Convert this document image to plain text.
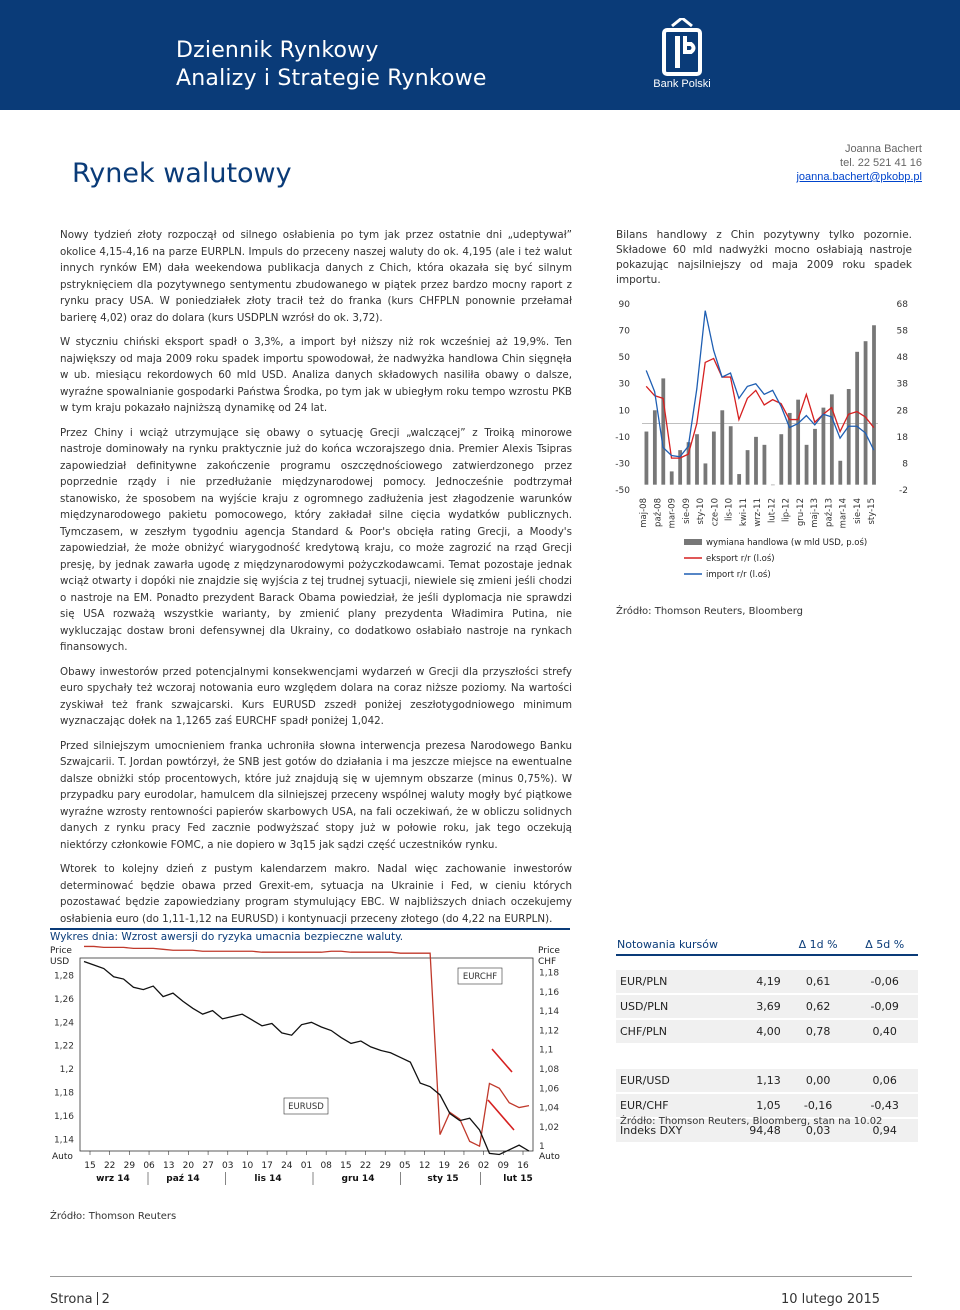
Dziennik Rynkowy
Analizy i Strategie Rynkowe	Bank Polski
Rynek walutowy
Joanna Bachert
tel. 22 521 41 16
joanna.bachert@pkobp.pl

Nowy tydzień złoty rozpoczął od silnego osłabienia po tym jak przez ostatnie dni „udeptywał” okolice 4,15-4,16 na parze EURPLN. Impuls do przeceny naszej waluty do ok. 4,195 (ale i też walut innych rynków EM) dała weekendowa publikacja danych z Chich, która okazała się być silnym pstryknięciem dla pozytywnego sentymentu zbudowanego w piątek przez bardzo mocny raport z rynku pracy USA. W poniedziałek złoty tracił też do franka (kurs CHFPLN ponownie przełamał barierę 4,02) oraz do dolara (kurs USDPLN wzrósł do ok. 3,72).

W styczniu chiński eksport spadł o 3,3%, a import był niższy niż rok wcześniej aż 19,9%. Ten największy od maja 2009 roku spadek importu spowodował, że nadwyżka handlowa Chin sięgnęła w ub. miesiącu rekordowych 60 mld USD. Analiza danych składowych nasiliła obawy o dalsze, wyraźne spowalnianie gospodarki Państwa Środka, po tym jak w ubiegłym roku tempo wzrostu PKB w tym kraju pokazało najniższą dynamikę od 24 lat.

Przez Chiny i wciąż utrzymujące się obawy o sytuację Grecji „walczącej” z Troiką minorowe nastroje dominowały na rynku praktycznie już do końca wczorajszego dnia. Premier Alexis Tsipras zapowiedział definitywne zakończenie programu oszczędnościowego zatwierdzonego przez poprzednie rządy i nie przedłużanie międzynarodowej pomocy. Jednocześnie podtrzymał stanowisko, że sposobem na wyjście kraju z ogromnego zadłużenia jest złagodzenie warunków międzynarodowego pakietu pomocowego, który zakładał silne cięcia wydatków publicznych. Tymczasem, w zeszłym tygodniu agencja Standard & Poor's obcięła rating Grecji, a Moody's zapowiedział, że może obniżyć wiarygodność kredytową kraju, co może zagrozić na rząd Grecji presję, by jednak zawarła ugodę z międzynarodowymi pożyczkodawcami. Temat pozostaje jednak wciąż otwarty i dopóki nie znajdzie się wyjścia z tej trudnej sytuacji, niewiele się zmieni jeśli chodzi o nastroje na EM. Ponadto prezydent Barack Obama powiedział, że jeśli dyplomacja nie sprawdzi się USA rozważą wszystkie warianty, by zmienić plany prezydenta Władimira Putina, nie wykluczając dostaw broni defensywnej dla Ukrainy, co dodatkowo osłabiało nastroje na rynkach finansowych.

Obawy inwestorów przed potencjalnymi konsekwencjami wydarzeń w Grecji dla przyszłości strefy euro spychały też wczoraj notowania euro względem dolara na coraz niższe poziomy. Na wartości zyskiwał też frank szwajcarski. Kurs EURUSD zszedł poniżej zeszłotygodniowego minimum wyznaczając dołek na 1,1265 zaś EURCHF spadł poniżej 1,042.

Przed silniejszym umocnieniem franka uchroniła słowna interwencja prezesa Narodowego Banku Szwajcarii. T. Jordan powtórzył, że SNB jest gotów do działania i ma jeszcze miejsce na ewentualne dalsze obniżki stóp procentowych, które już znajdują się w ujemnym obszarze (minus 0,75%). W przypadku pary eurodolar, hamulcem dla silniejszej przeceny wspólnej waluty mogły być piątkowe wyraźne wzrosty rentowności papierów skarbowych USA, na fali oczekiwań, że w obliczu solidnych danych z rynku pracy Fed zacznie podwyższać stopy już w połowie roku, jak tego oczekują niektórzy członkowie FOMC, a nie dopiero w 3q15 jak sądzi część uczestników rynku.

Wtorek to kolejny dzień z pustym kalendarzem makro. Nadal więc zachowanie inwestorów determinować będzie obawa przed Grexit-em, sytuacja na Ukrainie i Fed, w cieniu których pozostawać będzie zapowiedziany program stymulujący EBC. W najbliższych dniach oczekujemy osłabienia euro (do 1,11-1,12 na EURUSD) i kontynuacji przeceny złotego (do 4,22 na EURPLN).

Bilans handlowy z Chin pozytywny tylko pozornie. Składowe 60 mld nadwyżki mocno osłabiają nastroje pokazując najsilniejszy od maja 2009 roku spadek importu.
90
70
50
30
10
-10
-30
-50
68
58
48
38
28
18
8
-2
maj-08 paź-08 mar-09 sie-09 sty-10 cze-10 lis-10 kwi-11 wrz-11 lut-12 lip-12 gru-12 maj-13 paź-13 mar-14 sie-14 sty-15
wymiana handlowa (w mld USD, p.oś)
eksport r/r (l.oś)
import r/r (l.oś)
Źródło: Thomson Reuters, Bloomberg
Wykres dnia: Wzrost awersji do ryzyka umacnia bezpieczne waluty.
Price
USD
Price
CHF
1,28
1,26
1,24
1,22
1,2
1,18
1,16
1,14
1,18
1,16
1,14
1,12
1,1
1,08
1,06
1,04
1,02
1
Auto	Auto
EURCHF
EURUSD
15 22 29 06 13 20 27 03 10 17 24 01 08 15 22 29 05 12 19 26 02 09 16
wrz 14	paź 14	lis 14	gru 14	sty 15	lut 15
Źródło: Thomson Reuters
Notowania kursów		Δ 1d %	Δ 5d %

EUR/PLN	4,19	0,61	-0,06
USD/PLN	3,69	0,62	-0,09
CHF/PLN	4,00	0,78	0,40

EUR/USD	1,13	0,00	0,06
EUR/CHF	1,05	-0,16	-0,43
Indeks DXY	94,48	0,03	0,94
Źródło: Thomson Reuters, Bloomberg, stan na 10.02
Strona 2	10 lutego 2015
